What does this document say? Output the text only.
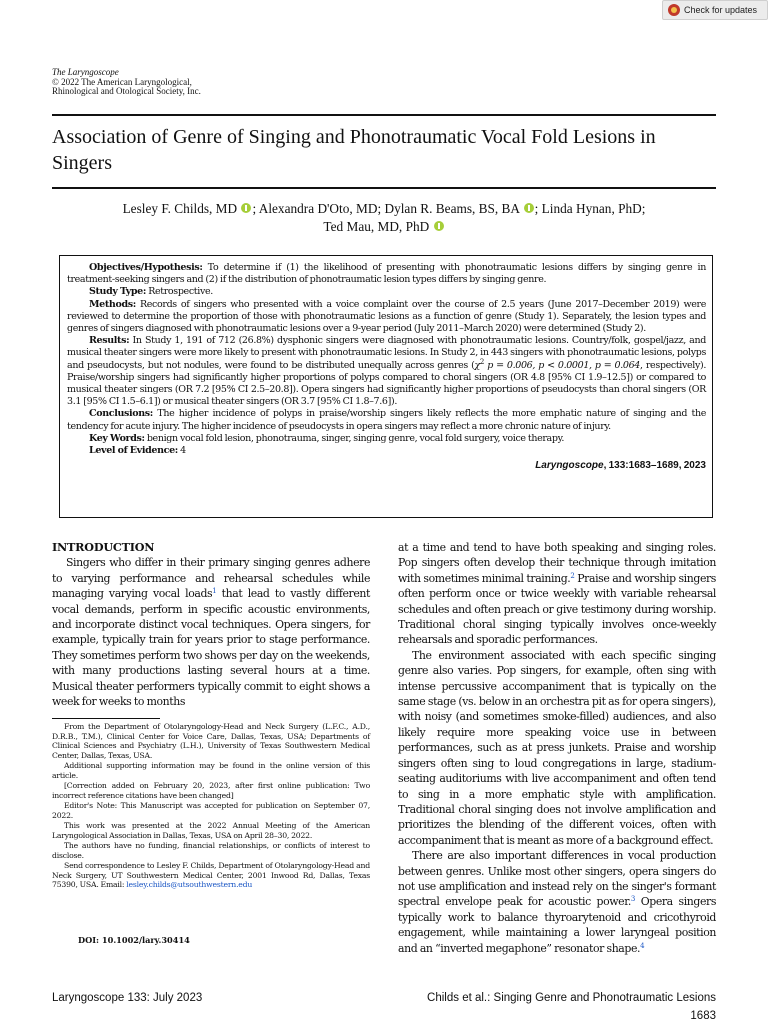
Check for updates
The Laryngoscope
© 2022 The American Laryngological,
Rhinological and Otological Society, Inc.
Association of Genre of Singing and Phonotraumatic Vocal Fold Lesions in Singers
Lesley F. Childs, MD ; Alexandra D'Oto, MD; Dylan R. Beams, BS, BA ; Linda Hynan, PhD;
Ted Mau, MD, PhD

Objectives/Hypothesis: To determine if (1) the likelihood of presenting with phonotraumatic lesions differs by singing genre in treatment-seeking singers and (2) if the distribution of phonotraumatic lesion types differs by singing genre.

Study Type: Retrospective.

Methods: Records of singers who presented with a voice complaint over the course of 2.5 years (June 2017–December 2019) were reviewed to determine the proportion of those with phonotraumatic lesions as a function of genre (Study 1). Separately, the lesion types and genres of singers diagnosed with phonotraumatic lesions over a 9-year period (July 2011–March 2020) were determined (Study 2).

Results: In Study 1, 191 of 712 (26.8%) dysphonic singers were diagnosed with phonotraumatic lesions. Country/folk, gospel/jazz, and musical theater singers were more likely to present with phonotraumatic lesions. In Study 2, in 443 singers with phonotraumatic lesions, polyps and pseudocysts, but not nodules, were found to be distributed unequally across genres ($\chi^2$ p = 0.006, p < 0.0001, p = 0.064, respectively). Praise/worship singers had significantly higher proportions of polyps compared to choral singers (OR 4.8 [95% CI 1.9–12.5]) or compared to musical theater singers (OR 7.2 [95% CI 2.5–20.8]). Opera singers had significantly higher proportions of pseudocysts than choral singers (OR 3.1 [95% CI 1.5–6.1]) or musical theater singers (OR 3.7 [95% CI 1.8–7.6]).

Conclusions: The higher incidence of polyps in praise/worship singers likely reflects the more emphatic nature of singing and the tendency for acute injury. The higher incidence of pseudocysts in opera singers may reflect a more chronic nature of injury.

Key Words: benign vocal fold lesion, phonotrauma, singer, singing genre, vocal fold surgery, voice therapy.

Level of Evidence: 4

Laryngoscope, 133:1683–1689, 2023
INTRODUCTION

Singers who differ in their primary singing genres adhere to varying performance and rehearsal schedules while managing varying vocal loads$^1$ that lead to vastly different vocal demands, perform in specific acoustic environments, and incorporate distinct vocal techniques. Opera singers, for example, typically train for years prior to stage performance. They sometimes perform two shows per day on the weekends, with many productions lasting several hours at a time. Musical theater performers typically commit to eight shows a week for weeks to months

at a time and tend to have both speaking and singing roles. Pop singers often develop their technique through imitation with sometimes minimal training.$^2$ Praise and worship singers often perform once or twice weekly with variable rehearsal schedules and often preach or give testimony during worship. Traditional choral singing typically involves once-weekly rehearsals and sporadic performances.

The environment associated with each specific singing genre also varies. Pop singers, for example, often sing with intense percussive accompaniment that is typically on the same stage (vs. below in an orchestra pit as for opera singers), with noisy (and sometimes smoke-filled) audiences, and also likely require more speaking voice use in between performances, such as at press junkets. Praise and worship singers often sing to loud congregations in large, stadium-seating auditoriums with live accompaniment and often tend to sing in a more emphatic style with amplification. Traditional choral singing does not involve amplification and prioritizes the blending of the different voices, often with accompaniment that is meant as more of a background effect.

There are also important differences in vocal production between genres. Unlike most other singers, opera singers do not use amplification and instead rely on the singer's formant spectral envelope peak for acoustic power.$^3$ Opera singers typically work to balance thyroarytenoid and cricothyroid engagement, while maintaining a lower laryngeal position and an “inverted megaphone” resonator shape.$^4$

From the Department of Otolaryngology-Head and Neck Surgery (L.F.C., A.D., D.R.B., T.M.), Clinical Center for Voice Care, Dallas, Texas, USA; Departments of Clinical Sciences and Psychiatry (L.H.), University of Texas Southwestern Medical Center, Dallas, Texas, USA.

Additional supporting information may be found in the online version of this article.

[Correction added on February 20, 2023, after first online publication: Two incorrect reference citations have been changed]

Editor's Note: This Manuscript was accepted for publication on September 07, 2022.

This work was presented at the 2022 Annual Meeting of the American Laryngological Association in Dallas, Texas, USA on April 28–30, 2022.

The authors have no funding, financial relationships, or conflicts of interest to disclose.

Send correspondence to Lesley F. Childs, Department of Otolaryngology-Head and Neck Surgery, UT Southwestern Medical Center, 2001 Inwood Rd, Dallas, Texas 75390, USA. Email: lesley.childs@utsouthwestern.edu

DOI: 10.1002/lary.30414
Laryngoscope 133: July 2023	Childs et al.: Singing Genre and Phonotraumatic Lesions
1683
